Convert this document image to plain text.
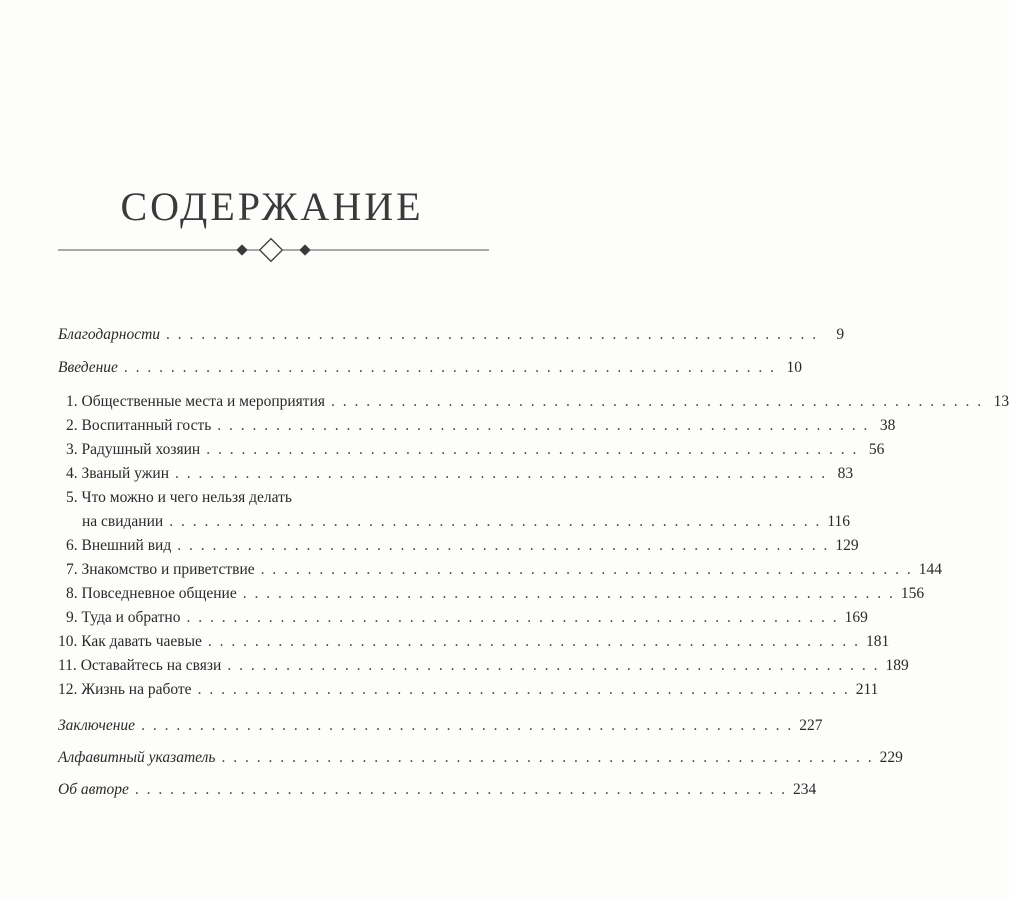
СОДЕРЖАНИЕ
Благодарности . . . . . . . . . . . . . . . . . . . . . . . . . . . . . . . . . . . . . . . . . . . . . . . . . . . . . . . .	9
Введение . . . . . . . . . . . . . . . . . . . . . . . . . . . . . . . . . . . . . . . . . . . . . . . . . . . . . . . . 10
1. Общественные места и мероприятия . . . . . . . . . . . . . . . . . . . . . . . . . . . . . . . . . . . . . . . . . . . . . . . . . . . . . . . . 13
2. Воспитанный гость . . . . . . . . . . . . . . . . . . . . . . . . . . . . . . . . . . . . . . . . . . . . . . . . . . . . . . . . 38
3. Радушный хозяин . . . . . . . . . . . . . . . . . . . . . . . . . . . . . . . . . . . . . . . . . . . . . . . . . . . . . . . . 56
4. Званый ужин . . . . . . . . . . . . . . . . . . . . . . . . . . . . . . . . . . . . . . . . . . . . . . . . . . . . . . . . 83
5. Что можно и чего нельзя делать
на свидании . . . . . . . . . . . . . . . . . . . . . . . . . . . . . . . . . . . . . . . . . . . . . . . . . . . . . . . . 116
6. Внешний вид . . . . . . . . . . . . . . . . . . . . . . . . . . . . . . . . . . . . . . . . . . . . . . . . . . . . . . . . 129
7. Знакомство и приветствие . . . . . . . . . . . . . . . . . . . . . . . . . . . . . . . . . . . . . . . . . . . . . . . . . . . . . . . . 144
8. Повседневное общение . . . . . . . . . . . . . . . . . . . . . . . . . . . . . . . . . . . . . . . . . . . . . . . . . . . . . . . . 156
9. Туда и обратно . . . . . . . . . . . . . . . . . . . . . . . . . . . . . . . . . . . . . . . . . . . . . . . . . . . . . . . . 169
10. Как давать чаевые . . . . . . . . . . . . . . . . . . . . . . . . . . . . . . . . . . . . . . . . . . . . . . . . . . . . . . . . 181
11. Оставайтесь на связи . . . . . . . . . . . . . . . . . . . . . . . . . . . . . . . . . . . . . . . . . . . . . . . . . . . . . . . . 189
12. Жизнь на работе . . . . . . . . . . . . . . . . . . . . . . . . . . . . . . . . . . . . . . . . . . . . . . . . . . . . . . . . 211
Заключение . . . . . . . . . . . . . . . . . . . . . . . . . . . . . . . . . . . . . . . . . . . . . . . . . . . . . . . . 227
Алфавитный указатель . . . . . . . . . . . . . . . . . . . . . . . . . . . . . . . . . . . . . . . . . . . . . . . . . . . . . . . . 229
Об авторе . . . . . . . . . . . . . . . . . . . . . . . . . . . . . . . . . . . . . . . . . . . . . . . . . . . . . . . . 234
